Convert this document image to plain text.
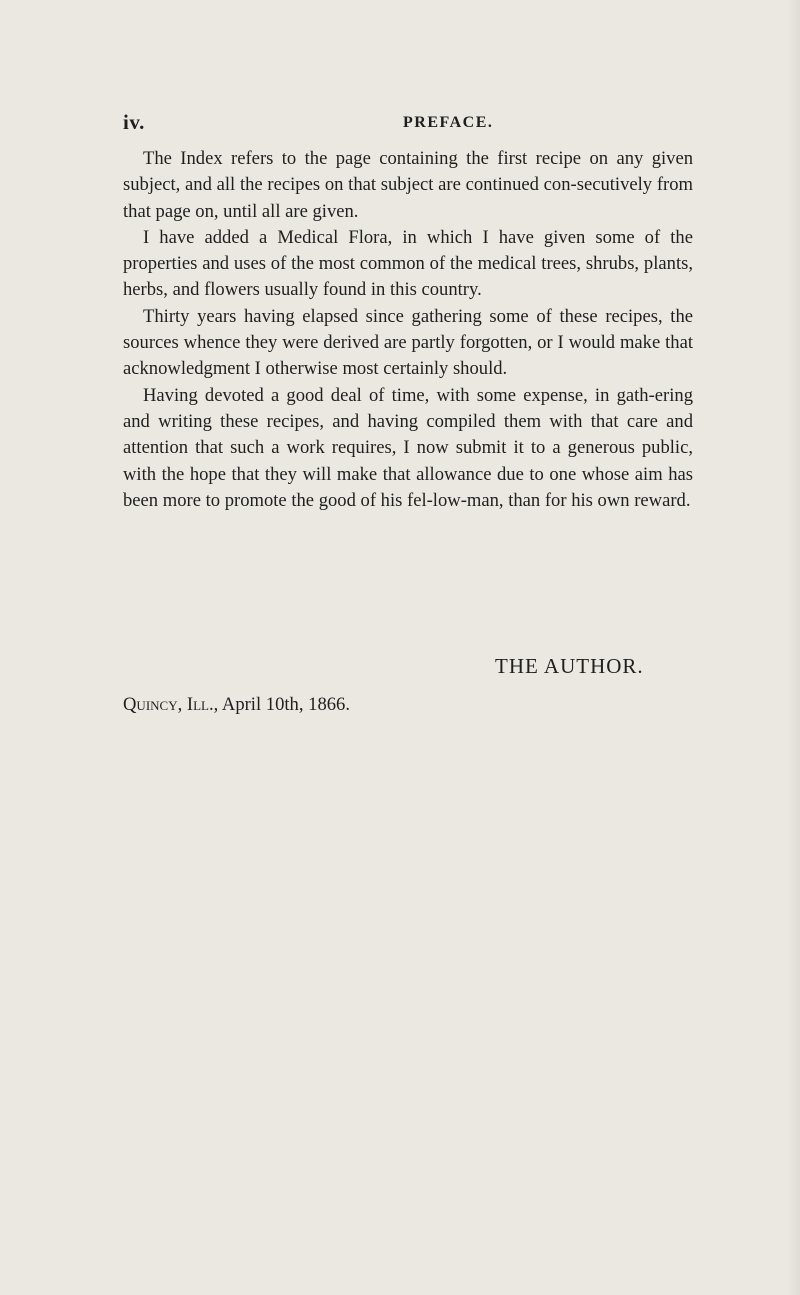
iv.	PREFACE.

The Index refers to the page containing the first recipe on any given subject, and all the recipes on that subject are continued con-secutively from that page on, until all are given.

I have added a Medical Flora, in which I have given some of the properties and uses of the most common of the medical trees, shrubs, plants, herbs, and flowers usually found in this country.

Thirty years having elapsed since gathering some of these recipes, the sources whence they were derived are partly forgotten, or I would make that acknowledgment I otherwise most certainly should.

Having devoted a good deal of time, with some expense, in gath-ering and writing these recipes, and having compiled them with that care and attention that such a work requires, I now submit it to a generous public, with the hope that they will make that allowance due to one whose aim has been more to promote the good of his fel-low-man, than for his own reward.

THE AUTHOR.
Quincy, Ill., April 10th, 1866.
